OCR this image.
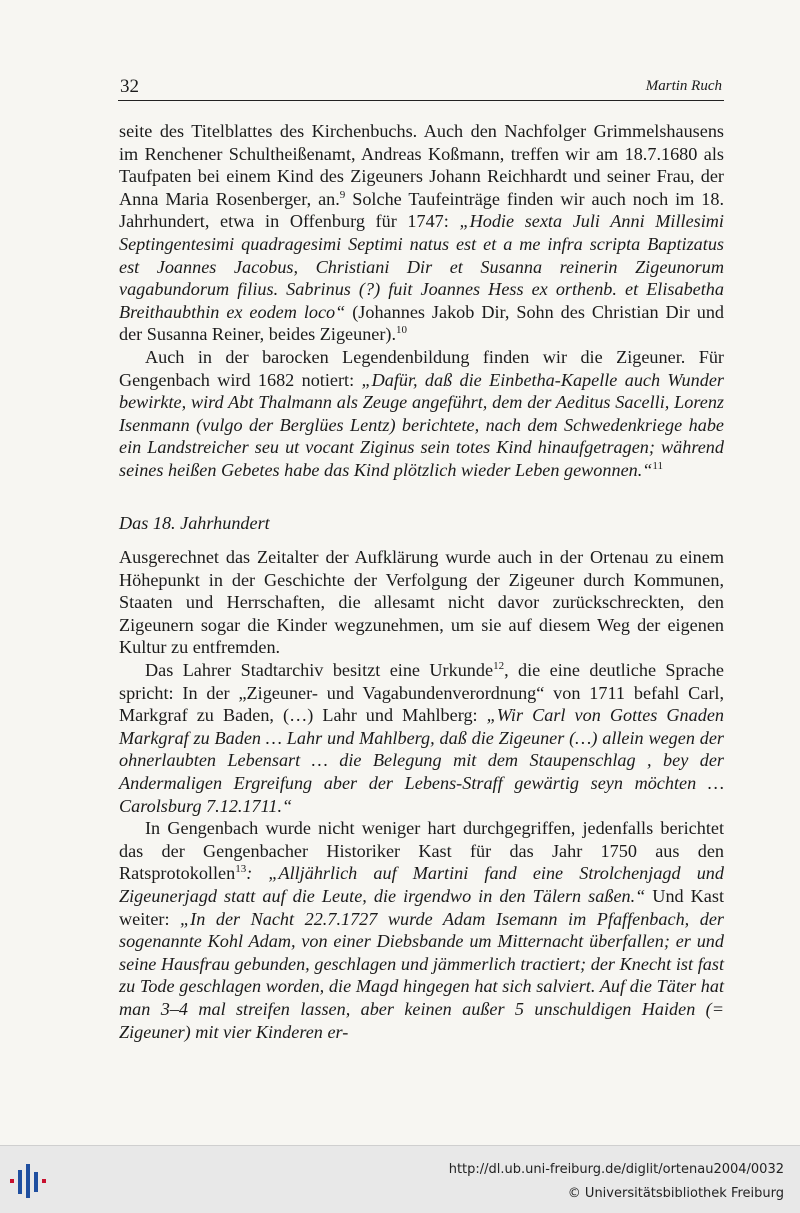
32	Martin Ruch

seite des Titelblattes des Kirchenbuchs. Auch den Nachfolger Grimmelshausens im Renchener Schultheißenamt, Andreas Koßmann, treffen wir am 18.7.1680 als Taufpaten bei einem Kind des Zigeuners Johann Reichhardt und seiner Frau, der Anna Maria Rosenberger, an.$^9$ Solche Taufeinträge finden wir auch noch im 18. Jahrhundert, etwa in Offenburg für 1747: „Hodie sexta Juli Anni Millesimi Septingentesimi quadragesimi Septimi natus est et a me infra scripta Baptizatus est Joannes Jacobus, Christiani Dir et Susanna reinerin Zigeunorum vagabundorum filius. Sabrinus (?) fuit Joannes Hess ex orthenb. et Elisabetha Breithaubthin ex eodem loco“ (Johannes Jakob Dir, Sohn des Christian Dir und der Susanna Reiner, beides Zigeuner).$^{10}$

Auch in der barocken Legendenbildung finden wir die Zigeuner. Für Gengenbach wird 1682 notiert: „Dafür, daß die Einbetha-Kapelle auch Wunder bewirkte, wird Abt Thalmann als Zeuge angeführt, dem der Aeditus Sacelli, Lorenz Isenmann (vulgo der Berglües Lentz) berichtete, nach dem Schwedenkriege habe ein Landstreicher seu ut vocant Ziginus sein totes Kind hinaufgetragen; während seines heißen Gebetes habe das Kind plötzlich wieder Leben gewonnen.“$^{11}$

Das 18. Jahrhundert

Ausgerechnet das Zeitalter der Aufklärung wurde auch in der Ortenau zu einem Höhepunkt in der Geschichte der Verfolgung der Zigeuner durch Kommunen, Staaten und Herrschaften, die allesamt nicht davor zurückschreckten, den Zigeunern sogar die Kinder wegzunehmen, um sie auf diesem Weg der eigenen Kultur zu entfremden.

Das Lahrer Stadtarchiv besitzt eine Urkunde$^{12}$, die eine deutliche Sprache spricht: In der „Zigeuner- und Vagabundenverordnung“ von 1711 befahl Carl, Markgraf zu Baden, (…) Lahr und Mahlberg: „Wir Carl von Gottes Gnaden Markgraf zu Baden … Lahr und Mahlberg, daß die Zigeuner (…) allein wegen der ohnerlaubten Lebensart … die Belegung mit dem Staupenschlag , bey der Andermaligen Ergreifung aber der Lebens-Straff gewärtig seyn möchten … Carolsburg 7.12.1711.“

In Gengenbach wurde nicht weniger hart durchgegriffen, jedenfalls berichtet das der Gengenbacher Historiker Kast für das Jahr 1750 aus den Ratsprotokollen$^{13}$: „Alljährlich auf Martini fand eine Strolchenjagd und Zigeunerjagd statt auf die Leute, die irgendwo in den Tälern saßen.“ Und Kast weiter: „In der Nacht 22.7.1727 wurde Adam Isemann im Pfaffenbach, der sogenannte Kohl Adam, von einer Diebsbande um Mitternacht überfallen; er und seine Hausfrau gebunden, geschlagen und jämmerlich tractiert; der Knecht ist fast zu Tode geschlagen worden, die Magd hingegen hat sich salviert. Auf die Täter hat man 3–4 mal streifen lassen, aber keinen außer 5 unschuldigen Haiden (= Zigeuner) mit vier Kinderen er-

http://dl.ub.uni-freiburg.de/diglit/ortenau2004/0032
© Universitätsbibliothek Freiburg
